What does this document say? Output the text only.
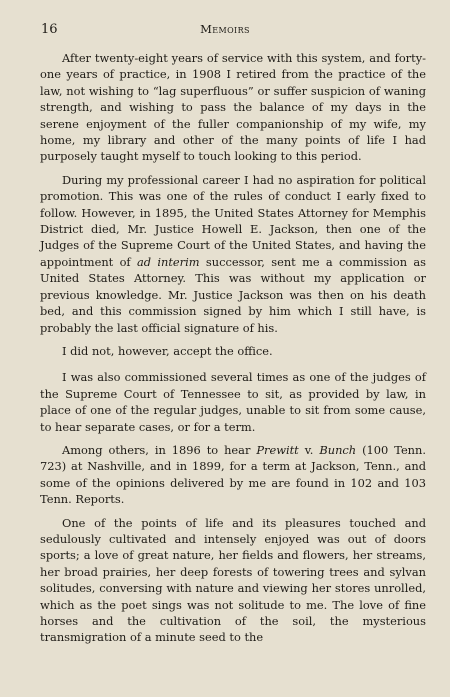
16	Memoirs

After twenty-eight years of service with this system, and forty-one years of practice, in 1908 I retired from the practice of the law, not wishing to “lag superfluous” or suffer suspicion of waning strength, and wishing to pass the balance of my days in the serene enjoyment of the fuller companionship of my wife, my home, my library and other of the many points of life I had purposely taught myself to touch looking to this period.

During my professional career I had no aspiration for political promotion. This was one of the rules of conduct I early fixed to follow. However, in 1895, the United States Attorney for Memphis District died, Mr. Justice Howell E. Jackson, then one of the Judges of the Supreme Court of the United States, and having the appointment of ad interim successor, sent me a commission as United States Attorney. This was without my application or previous knowledge. Mr. Justice Jackson was then on his death bed, and this commission signed by him which I still have, is probably the last official signature of his.

I did not, however, accept the office.

I was also commissioned several times as one of the judges of the Supreme Court of Tennessee to sit, as provided by law, in place of one of the regular judges, unable to sit from some cause, to hear separate cases, or for a term.

Among others, in 1896 to hear Prewitt v. Bunch (100 Tenn. 723) at Nashville, and in 1899, for a term at Jackson, Tenn., and some of the opinions delivered by me are found in 102 and 103 Tenn. Reports.

One of the points of life and its pleasures touched and sedulously cultivated and intensely enjoyed was out of doors sports; a love of great nature, her fields and flowers, her streams, her broad prairies, her deep forests of towering trees and sylvan solitudes, conversing with nature and viewing her stores unrolled, which as the poet sings was not solitude to me. The love of fine horses and the cultivation of the soil, the mysterious transmigration of a minute seed to the
